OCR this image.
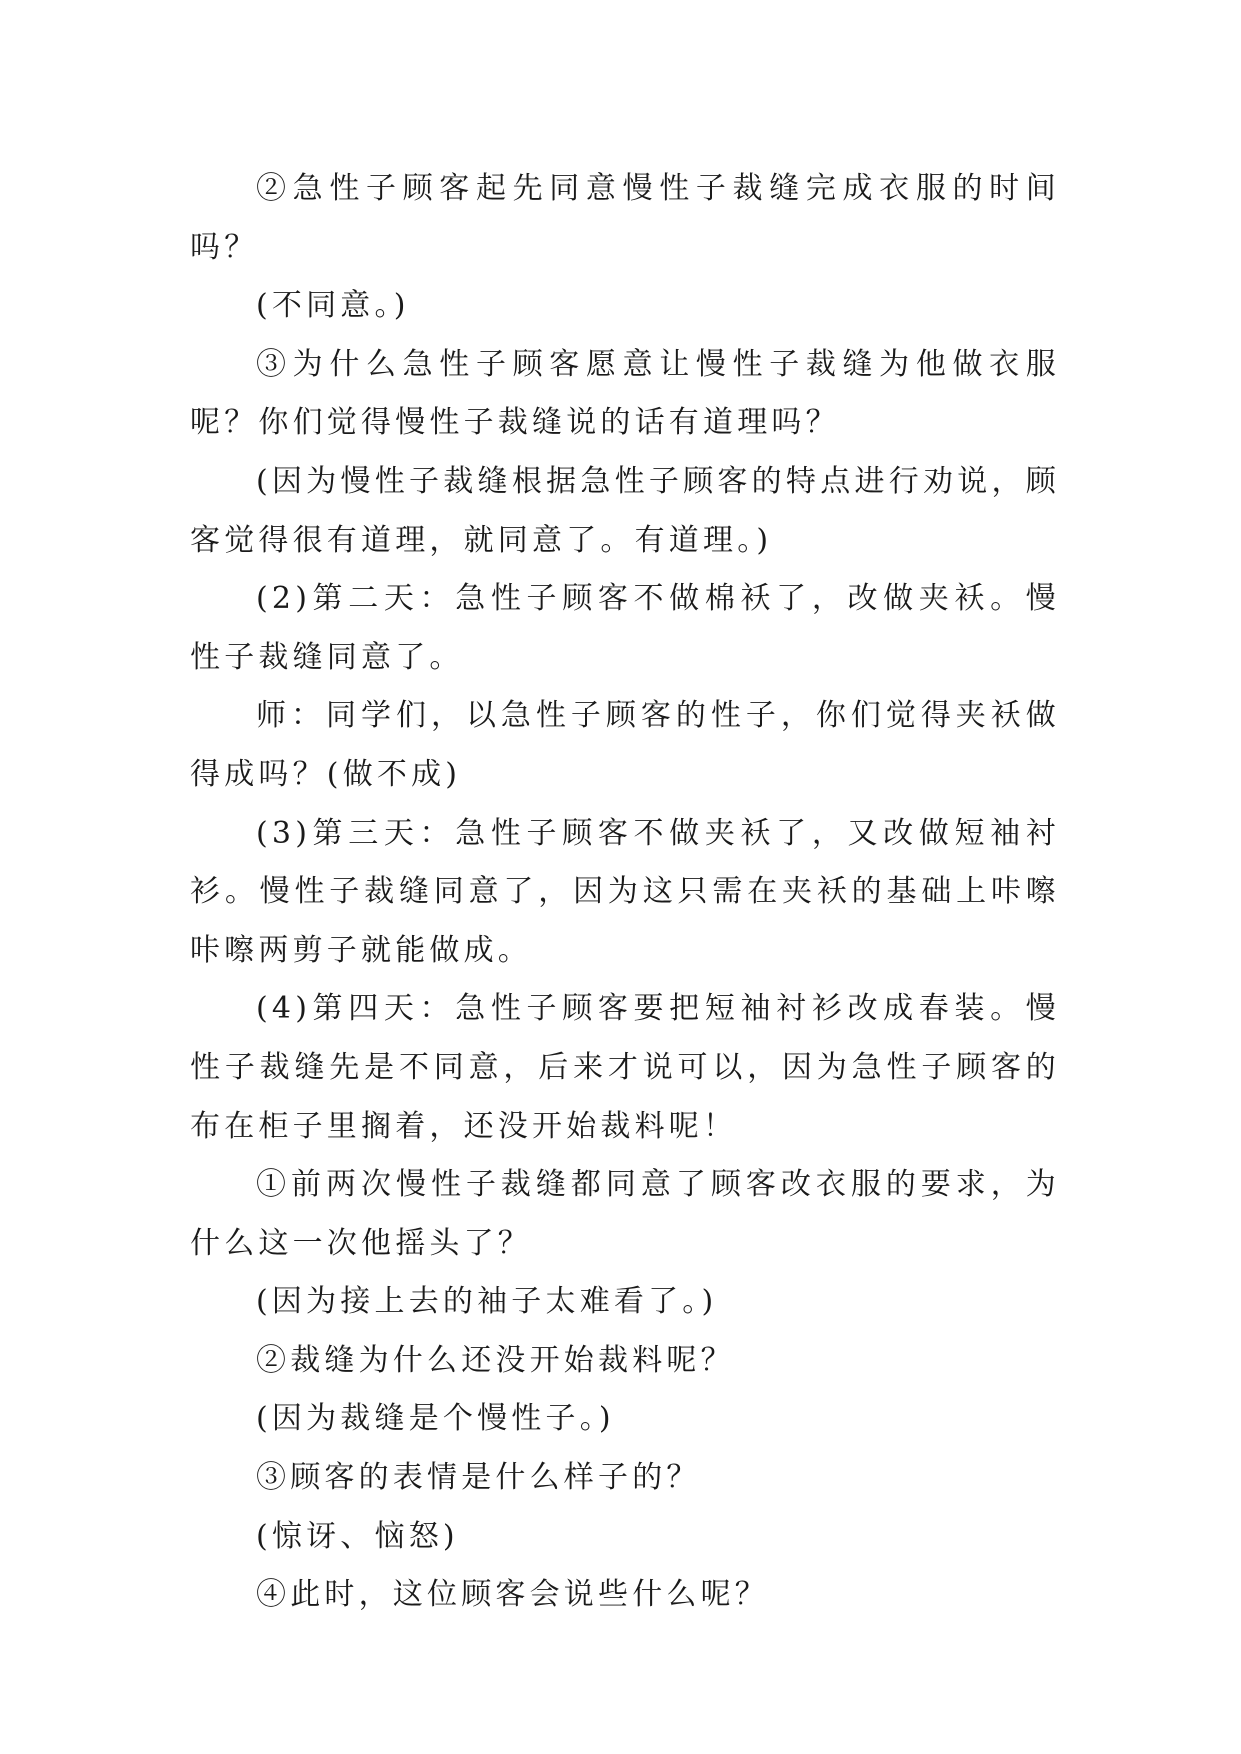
②急性子顾客起先同意慢性子裁缝完成衣服的时间吗？

(不同意。)

③为什么急性子顾客愿意让慢性子裁缝为他做衣服呢？你们觉得慢性子裁缝说的话有道理吗？

(因为慢性子裁缝根据急性子顾客的特点进行劝说，顾客觉得很有道理，就同意了。有道理。)

(2)第二天：急性子顾客不做棉袄了，改做夹袄。慢性子裁缝同意了。

师：同学们，以急性子顾客的性子，你们觉得夹袄做得成吗？(做不成)

(3)第三天：急性子顾客不做夹袄了，又改做短袖衬衫。慢性子裁缝同意了，因为这只需在夹袄的基础上咔嚓咔嚓两剪子就能做成。

(4)第四天：急性子顾客要把短袖衬衫改成春装。慢性子裁缝先是不同意，后来才说可以，因为急性子顾客的布在柜子里搁着，还没开始裁料呢！

①前两次慢性子裁缝都同意了顾客改衣服的要求，为什么这一次他摇头了？

(因为接上去的袖子太难看了。)

②裁缝为什么还没开始裁料呢？

(因为裁缝是个慢性子。)

③顾客的表情是什么样子的？

(惊讶、恼怒)

④此时，这位顾客会说些什么呢？
